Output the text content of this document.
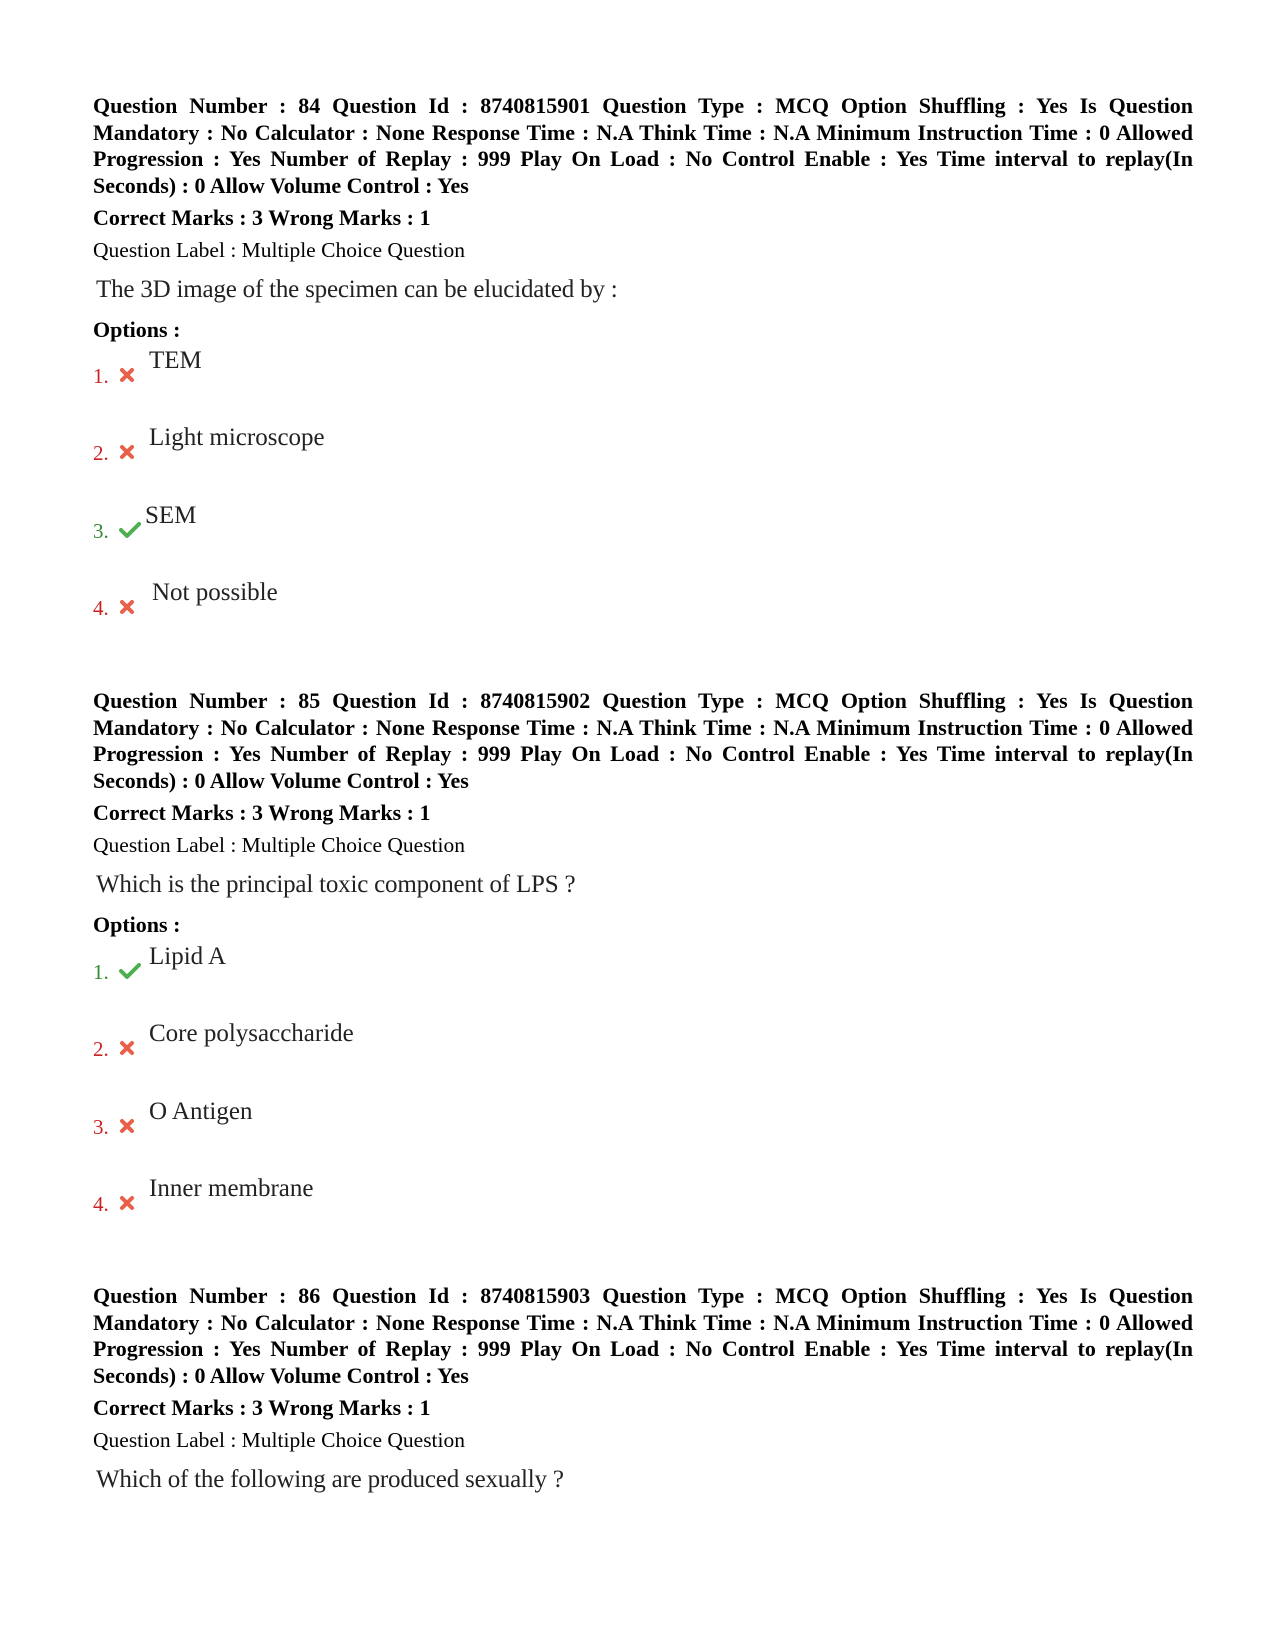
Question Number : 84 Question Id : 8740815901 Question Type : MCQ Option Shuffling : Yes Is Question Mandatory : No Calculator : None Response Time : N.A Think Time : N.A Minimum Instruction Time : 0 Allowed Progression : Yes Number of Replay : 999 Play On Load : No Control Enable : Yes Time interval to replay(In Seconds) : 0 Allow Volume Control : Yes
Correct Marks : 3 Wrong Marks : 1
Question Label : Multiple Choice Question
The 3D image of the specimen can be elucidated by :
Options :
1.
TEM
2.
Light microscope
3.
SEM
4.
Not possible
Question Number : 85 Question Id : 8740815902 Question Type : MCQ Option Shuffling : Yes Is Question Mandatory : No Calculator : None Response Time : N.A Think Time : N.A Minimum Instruction Time : 0 Allowed Progression : Yes Number of Replay : 999 Play On Load : No Control Enable : Yes Time interval to replay(In Seconds) : 0 Allow Volume Control : Yes
Correct Marks : 3 Wrong Marks : 1
Question Label : Multiple Choice Question
Which is the principal toxic component of LPS ?
Options :
1.
Lipid A
2.
Core polysaccharide
3.
O Antigen
4.
Inner membrane
Question Number : 86 Question Id : 8740815903 Question Type : MCQ Option Shuffling : Yes Is Question Mandatory : No Calculator : None Response Time : N.A Think Time : N.A Minimum Instruction Time : 0 Allowed Progression : Yes Number of Replay : 999 Play On Load : No Control Enable : Yes Time interval to replay(In Seconds) : 0 Allow Volume Control : Yes
Correct Marks : 3 Wrong Marks : 1
Question Label : Multiple Choice Question
Which of the following are produced sexually ?
